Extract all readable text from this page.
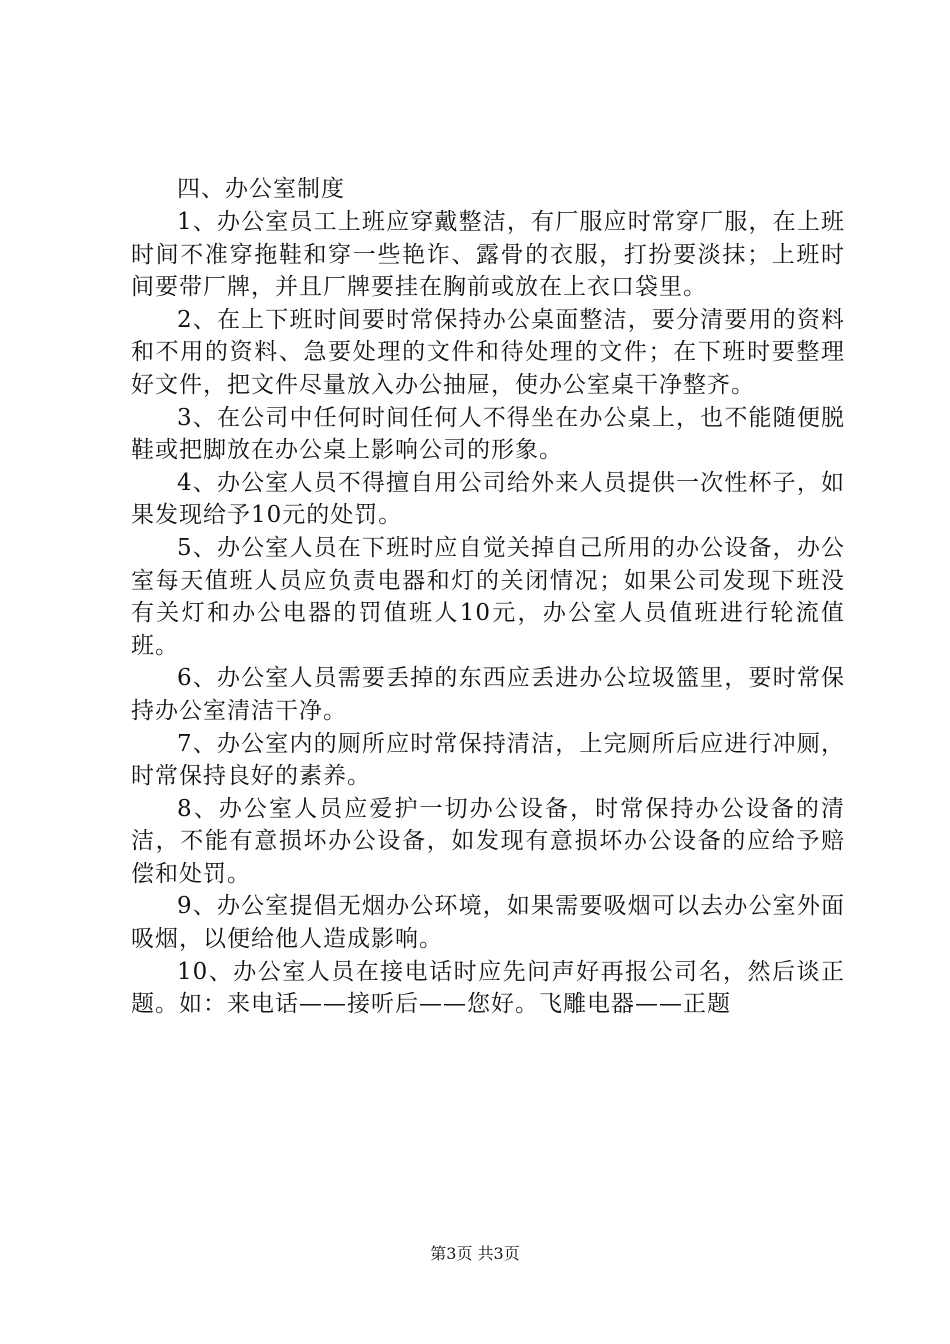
四、办公室制度

1、办公室员工上班应穿戴整洁，有厂服应时常穿厂服，在上班时间不准穿拖鞋和穿一些艳诈、露骨的衣服，打扮要淡抹；上班时间要带厂牌，并且厂牌要挂在胸前或放在上衣口袋里。

2、在上下班时间要时常保持办公桌面整洁，要分清要用的资料和不用的资料、急要处理的文件和待处理的文件；在下班时要整理好文件，把文件尽量放入办公抽屉，使办公室桌干净整齐。

3、在公司中任何时间任何人不得坐在办公桌上，也不能随便脱鞋或把脚放在办公桌上影响公司的形象。

4、办公室人员不得擅自用公司给外来人员提供一次性杯子，如果发现给予10元的处罚。

5、办公室人员在下班时应自觉关掉自己所用的办公设备，办公室每天值班人员应负责电器和灯的关闭情况；如果公司发现下班没有关灯和办公电器的罚值班人10元，办公室人员值班进行轮流值班。

6、办公室人员需要丢掉的东西应丢进办公垃圾篮里，要时常保持办公室清洁干净。

7、办公室内的厕所应时常保持清洁，上完厕所后应进行冲厕，时常保持良好的素养。

8、办公室人员应爱护一切办公设备，时常保持办公设备的清洁，不能有意损坏办公设备，如发现有意损坏办公设备的应给予赔偿和处罚。

9、办公室提倡无烟办公环境，如果需要吸烟可以去办公室外面吸烟，以便给他人造成影响。

10、办公室人员在接电话时应先问声好再报公司名，然后谈正题。如：来电话——接听后——您好。飞雕电器——正题

第3页 共3页
